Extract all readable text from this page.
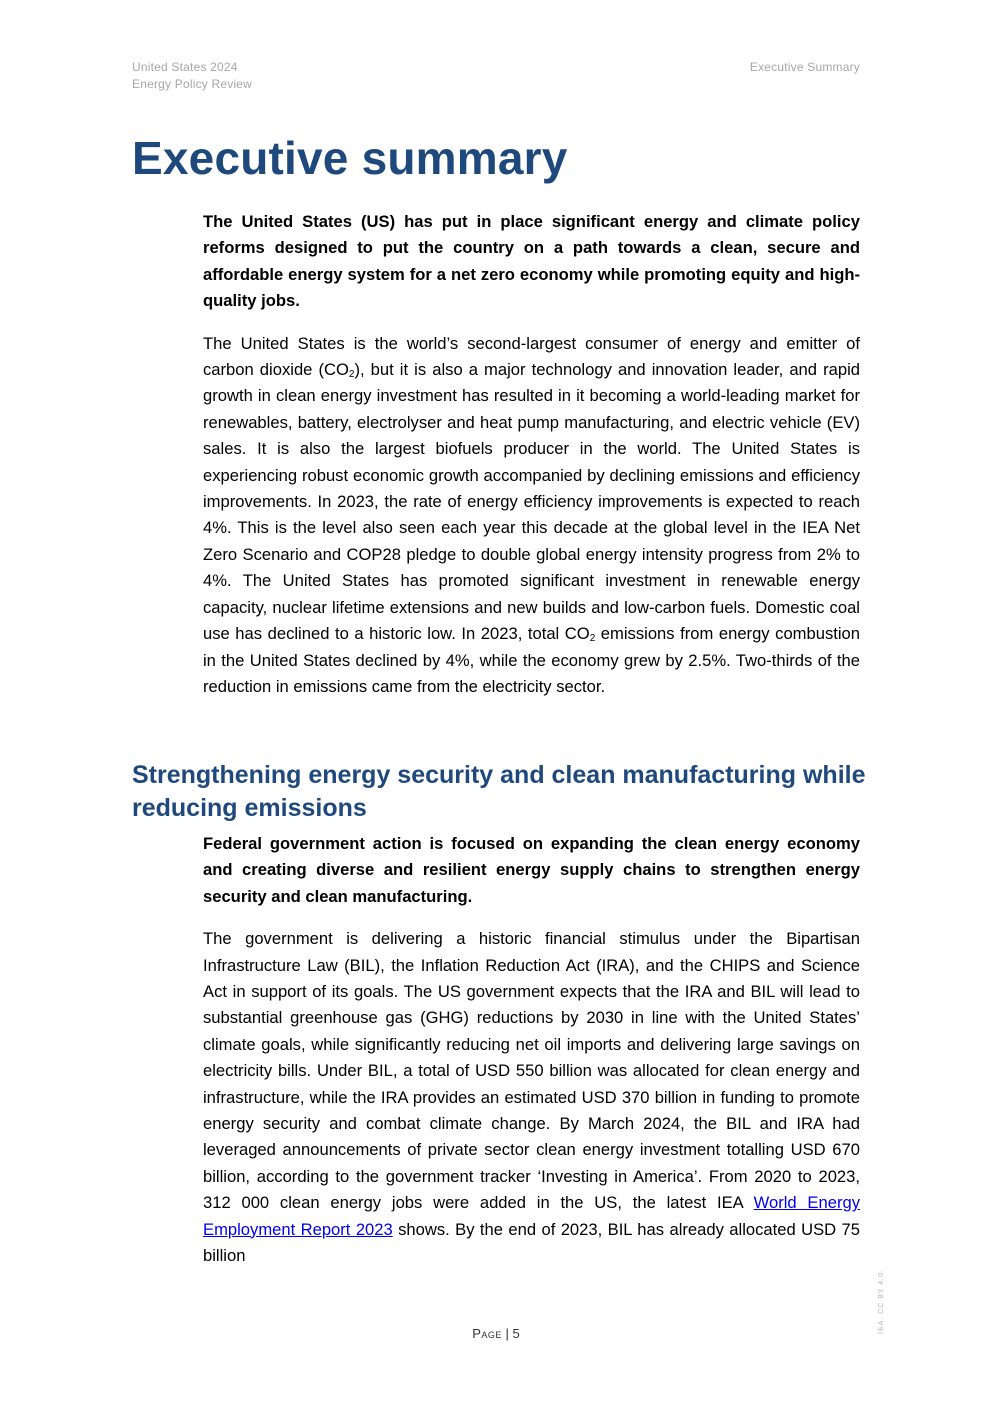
United States 2024
Energy Policy Review
Executive Summary
Executive summary

The United States (US) has put in place significant energy and climate policy reforms designed to put the country on a path towards a clean, secure and affordable energy system for a net zero economy while promoting equity and high-quality jobs.

The United States is the world’s second-largest consumer of energy and emitter of carbon dioxide $(CO_2)$, but it is also a major technology and innovation leader, and rapid growth in clean energy investment has resulted in it becoming a world-leading market for renewables, battery, electrolyser and heat pump manufacturing, and electric vehicle (EV) sales. It is also the largest biofuels producer in the world. The United States is experiencing robust economic growth accompanied by declining emissions and efficiency improvements. In 2023, the rate of energy efficiency improvements is expected to reach 4%. This is the level also seen each year this decade at the global level in the IEA Net Zero Scenario and COP28 pledge to double global energy intensity progress from 2% to 4%. The United States has promoted significant investment in renewable energy capacity, nuclear lifetime extensions and new builds and low-carbon fuels. Domestic coal use has declined to a historic low. In 2023, total $CO_2$ emissions from energy combustion in the United States declined by 4%, while the economy grew by 2.5%. Two-thirds of the reduction in emissions came from the electricity sector.

Strengthening energy security and clean manufacturing while reducing emissions

Federal government action is focused on expanding the clean energy economy and creating diverse and resilient energy supply chains to strengthen energy security and clean manufacturing.

The government is delivering a historic financial stimulus under the Bipartisan Infrastructure Law (BIL), the Inflation Reduction Act (IRA), and the CHIPS and Science Act in support of its goals. The US government expects that the IRA and BIL will lead to substantial greenhouse gas (GHG) reductions by 2030 in line with the United States’ climate goals, while significantly reducing net oil imports and delivering large savings on electricity bills. Under BIL, a total of USD 550 billion was allocated for clean energy and infrastructure, while the IRA provides an estimated USD 370 billion in funding to promote energy security and combat climate change. By March 2024, the BIL and IRA had leveraged announcements of private sector clean energy investment totalling USD 670 billion, according to the government tracker ‘Investing in America’. From 2020 to 2023, 312 000 clean energy jobs were added in the US, the latest IEA World Energy Employment Report 2023 shows. By the end of 2023, BIL has already allocated USD 75 billion

Page | 5	IEA. CC BY 4.0.
